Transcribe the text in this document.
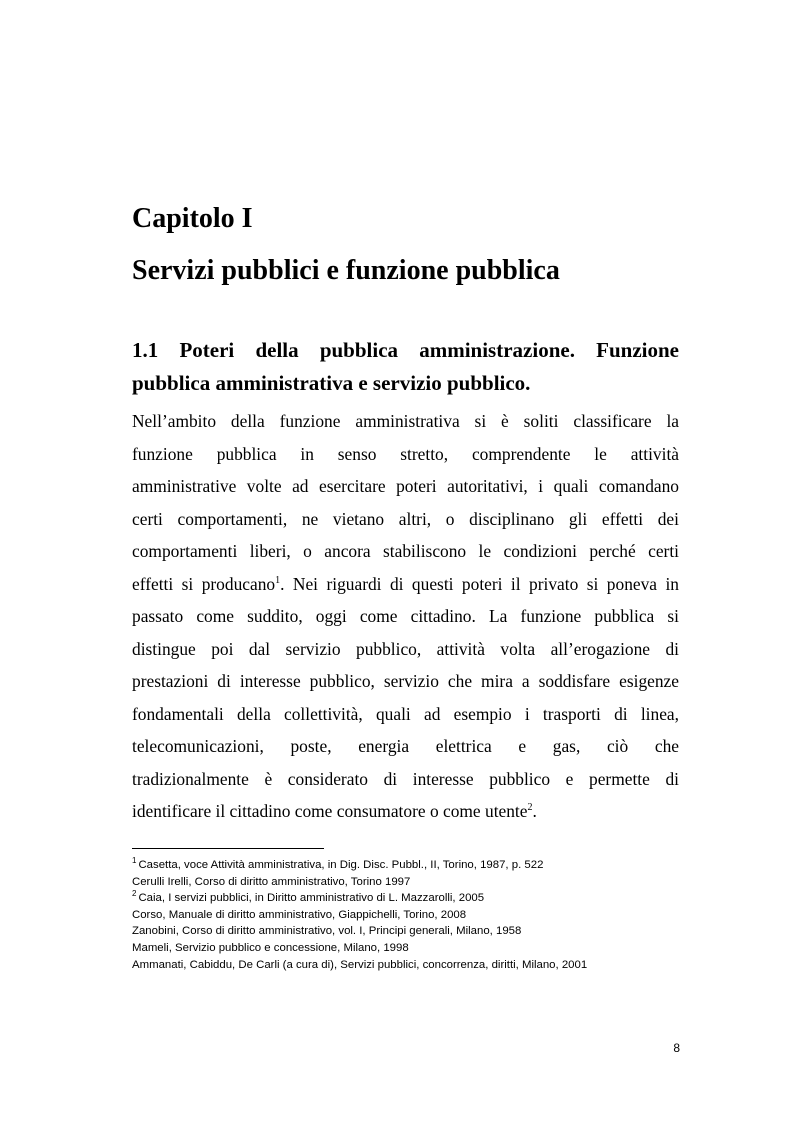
Capitolo I
Servizi pubblici e funzione pubblica
1.1 Poteri della pubblica amministrazione. Funzione pubblica amministrativa e servizio pubblico.
Nell’ambito della funzione amministrativa si è soliti classificare la
funzione pubblica in senso stretto, comprendente le attività
amministrative volte ad esercitare poteri autoritativi, i quali comandano
certi comportamenti, ne vietano altri, o disciplinano gli effetti dei
comportamenti liberi, o ancora stabiliscono le condizioni perché certi
effetti si producano$^1$. Nei riguardi di questi poteri il privato si poneva in
passato come suddito, oggi come cittadino. La funzione pubblica si
distingue poi dal servizio pubblico, attività volta all’erogazione di
prestazioni di interesse pubblico, servizio che mira a soddisfare esigenze
fondamentali della collettività, quali ad esempio i trasporti di linea,
telecomunicazioni, poste, energia elettrica e gas, ciò che
tradizionalmente è considerato di interesse pubblico e permette di
identificare il cittadino come consumatore o come utente$^2$.
$^1$ Casetta, voce Attività amministrativa, in Dig. Disc. Pubbl., II, Torino, 1987, p. 522
Cerulli Irelli, Corso di diritto amministrativo, Torino 1997
$^2$ Caia, I servizi pubblici, in Diritto amministrativo di L. Mazzarolli, 2005
Corso, Manuale di diritto amministrativo, Giappichelli, Torino, 2008
Zanobini, Corso di diritto amministrativo, vol. I, Principi generali, Milano, 1958
Mameli, Servizio pubblico e concessione, Milano, 1998
Ammanati, Cabiddu, De Carli (a cura di), Servizi pubblici, concorrenza, diritti, Milano, 2001
8
